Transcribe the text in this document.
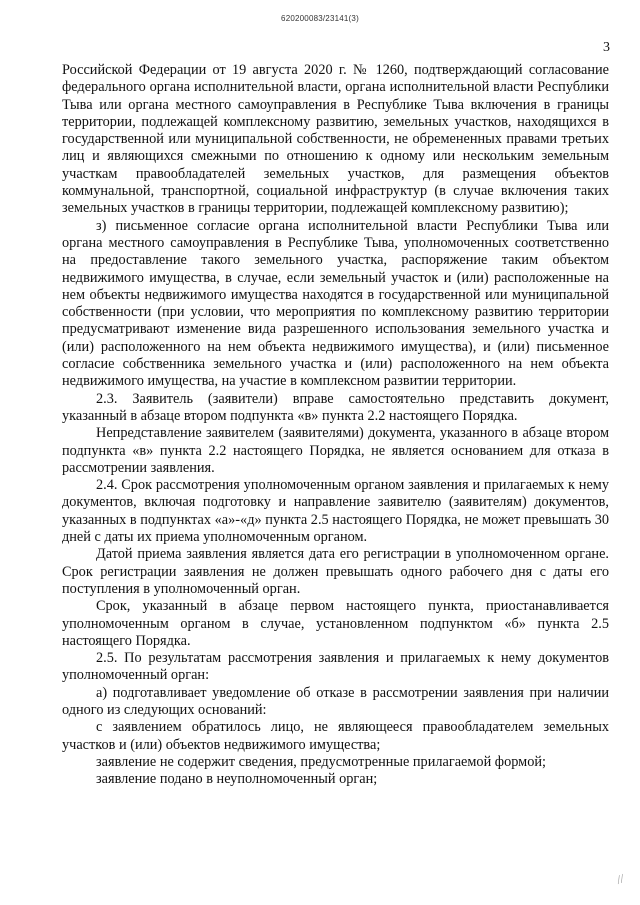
620200083/23141(3)
3

Российской Федерации от 19 августа 2020 г. № 1260, подтверждающий согласование федерального органа исполнительной власти, органа исполнительной власти Республики Тыва или органа местного самоуправления в Республике Тыва включения в границы территории, подлежащей комплексному развитию, земельных участков, находящихся в государственной или муниципальной собственности, не обремененных правами третьих лиц и являющихся смежными по отношению к одному или нескольким земельным участкам правообладателей земельных участков, для размещения объектов коммунальной, транспортной, социальной инфраструктур (в случае включения таких земельных участков в границы территории, подлежащей комплексному развитию);

з) письменное согласие органа исполнительной власти Республики Тыва или органа местного самоуправления в Республике Тыва, уполномоченных соответственно на предоставление такого земельного участка, распоряжение таким объектом недвижимого имущества, в случае, если земельный участок и (или) расположенные на нем объекты недвижимого имущества находятся в государственной или муниципальной собственности (при условии, что мероприятия по комплексному развитию территории предусматривают изменение вида разрешенного использования земельного участка и (или) расположенного на нем объекта недвижимого имущества), и (или) письменное согласие собственника земельного участка и (или) расположенного на нем объекта недвижимого имущества, на участие в комплексном развитии территории.

2.3. Заявитель (заявители) вправе самостоятельно представить документ, указанный в абзаце втором подпункта «в» пункта 2.2 настоящего Порядка.

Непредставление заявителем (заявителями) документа, указанного в абзаце втором подпункта «в» пункта 2.2 настоящего Порядка, не является основанием для отказа в рассмотрении заявления.

2.4. Срок рассмотрения уполномоченным органом заявления и прилагаемых к нему документов, включая подготовку и направление заявителю (заявителям) документов, указанных в подпунктах «а»-«д» пункта 2.5 настоящего Порядка, не может превышать 30 дней с даты их приема уполномоченным органом.

Датой приема заявления является дата его регистрации в уполномоченном органе. Срок регистрации заявления не должен превышать одного рабочего дня с даты его поступления в уполномоченный орган.

Срок, указанный в абзаце первом настоящего пункта, приостанавливается уполномоченным органом в случае, установленном подпунктом «б» пункта 2.5 настоящего Порядка.

2.5. По результатам рассмотрения заявления и прилагаемых к нему документов уполномоченный орган:

а) подготавливает уведомление об отказе в рассмотрении заявления при наличии одного из следующих оснований:

с заявлением обратилось лицо, не являющееся правообладателем земельных участков и (или) объектов недвижимого имущества;

заявление не содержит сведения, предусмотренные прилагаемой формой;

заявление подано в неуполномоченный орган;

//
